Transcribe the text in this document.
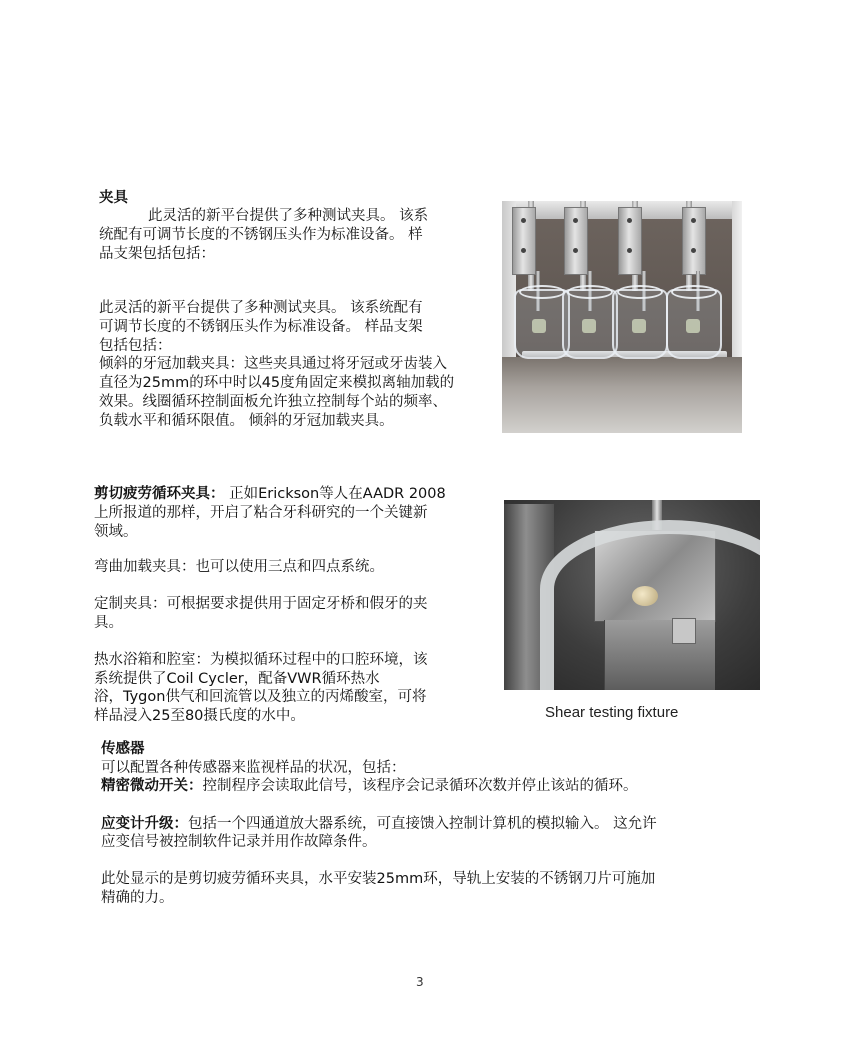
夹具

此灵活的新平台提供了多种测试夹具。 该系

统配有可调节长度的不锈钢压头作为标准设备。 样

品支架包括包括：

此灵活的新平台提供了多种测试夹具。 该系统配有

可调节长度的不锈钢压头作为标准设备。 样品支架

包括包括：

倾斜的牙冠加载夹具：这些夹具通过将牙冠或牙齿装入

直径为25mm的环中时以45度角固定来模拟离轴加载的

效果。线圈循环控制面板允许独立控制每个站的频率、

负载水平和循环限值。 倾斜的牙冠加载夹具。

剪切疲劳循环夹具： 正如Erickson等人在AADR 2008

上所报道的那样，开启了粘合牙科研究的一个关键新

领域。

弯曲加载夹具：也可以使用三点和四点系统。

定制夹具：可根据要求提供用于固定牙桥和假牙的夹

具。

热水浴箱和腔室：为模拟循环过程中的口腔环境，该

系统提供了Coil Cycler，配备VWR循环热水

浴，Tygon供气和回流管以及独立的丙烯酸室，可将

样品浸入25至80摄氏度的水中。	Shear testing fixture

传感器

可以配置各种传感器来监视样品的状况，包括：

精密微动开关：控制程序会读取此信号，该程序会记录循环次数并停止该站的循环。

应变计升级：包括一个四通道放大器系统，可直接馈入控制计算机的模拟输入。 这允许

应变信号被控制软件记录并用作故障条件。

此处显示的是剪切疲劳循环夹具，水平安装25mm环，导轨上安装的不锈钢刀片可施加

精确的力。

3
